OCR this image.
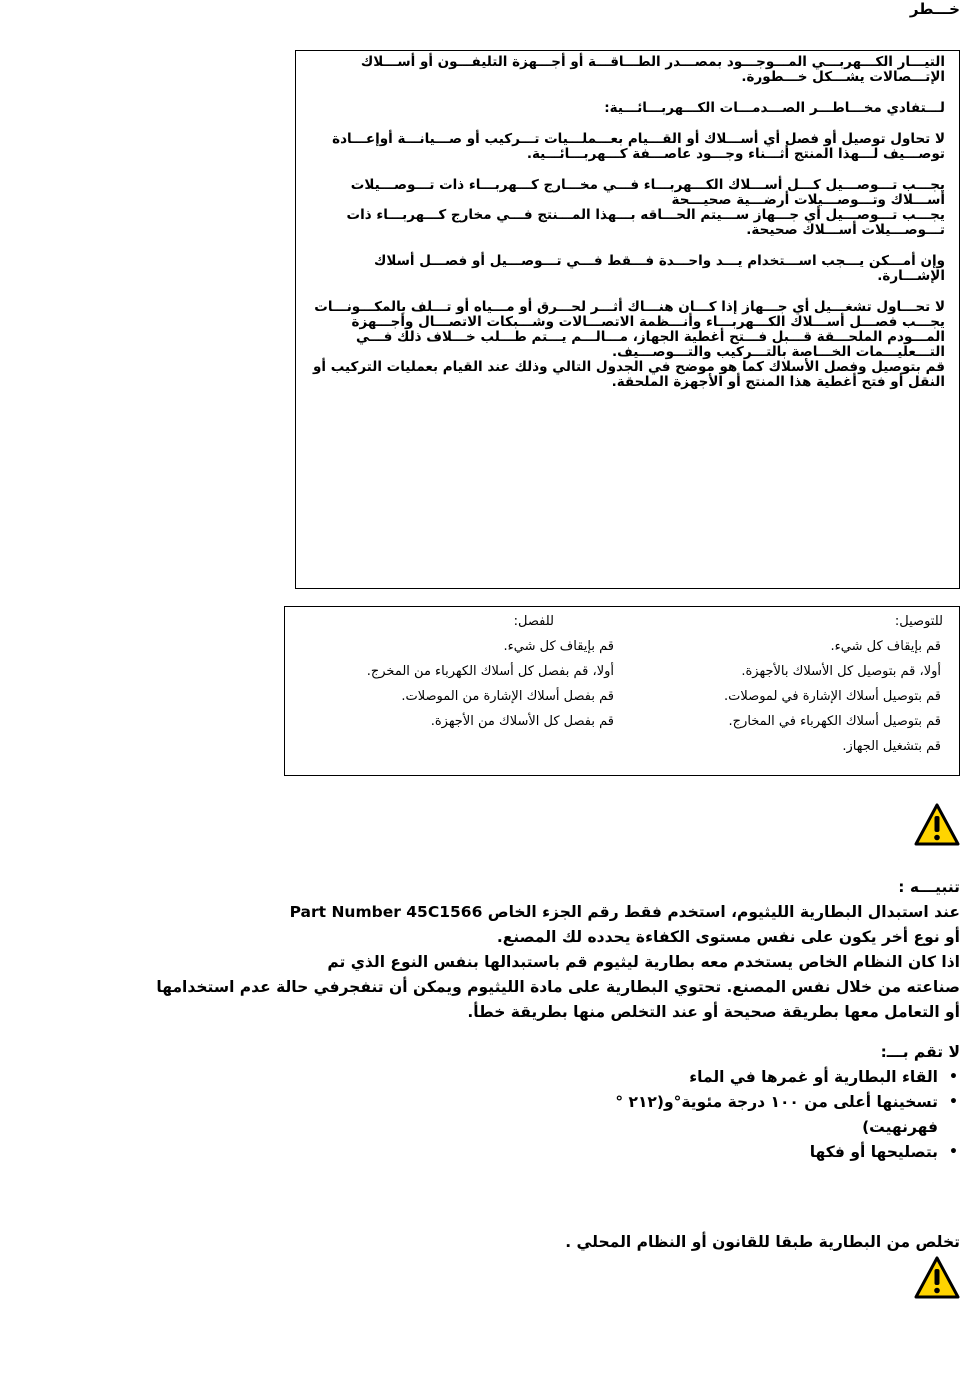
خـــطر

التيـــار الكـــهربـــي المـــوجـــود بمصـــدر الطـــاقـــة أو أجـــهزة التليفـــون أو أســـلاك الإتـــصالات يشـــكل خـــطورة.

لـــتفادي مخـــاطـــر الصـــدمـــات الكـــهربـــائـــية:

لا تحاول توصيل أو فصل أي أســـلاك أو القـــيام بعـــملـــيات تـــركيب أو صـــيانـــة أوإعـــادة توصـــيف لـــهذا المنتج أثـــناء وجـــود عاصـــفة كـــهربـــائـــية.

يجـــب تـــوصـــيل كـــل أســـلاك الكـــهربـــاء فـــي مخـــارج كـــهربـــاء ذات تـــوصـــيلات أســـلاك وتـــوصـــيلات أرضـــية صحيـــحة

يجـــب تـــوصـــيل أي جـــهاز ســـيتم الحـــاقه بـــهذا المـــنتج فـــي مخارج كـــهربـــاء ذات تـــوصـــيلات أســـلاك صحيحة.

وإن أمـــكن يـــجب اســـتخدام يـــد واحـــدة فـــقط فـــي تـــوصـــيل أو فصـــل أسلاك الإشـــارة.

لا تحـــاول تشغـــيل أي جـــهاز إذا كـــان هنـــاك أثـــر لحـــرق أو مـــياه أو تـــلف بالمكـــونـــات

يجـــب فصـــل أســـلاك الكـــهربـــاء وأنـــظمة الاتصـــالات وشـــبكات الاتصـــال وأجـــهزة المـــودم الملحـــقة قـــبل فـــتح أغطية الجهاز، مـــالـــم يـــتم طـــلب خـــلاف ذلك فـــي التـــعليـــمات الخـــاصة بالتـــركيب والتـــوصـــيف.

قم بتوصيل وفصل الأسلاك كما هو موضح في الجدول التالي وذلك عند القيام بعمليات التركيب أو النقل أو فتح أغطية هذا المنتج أو الأجهزة الملحقة.

للتوصيل:
قم بإيقاف كل شيء.
أولا، قم بتوصيل كل الأسلاك بالأجهزة.
قم بتوصيل أسلاك الإشارة في لموصلات.
قم بتوصيل أسلاك الكهرباء في المخارج.
قم بتشغيل الجهاز.
للفصل:
قم بإيقاف كل شيء.
أولا، قم بفصل كل أسلاك الكهرباء من المخرج.
قم بفصل أسلاك الإشارة من الموصلات.
قم بفصل كل الأسلاك من الأجهزة.

تنبيـــه :

عند استبدال البطارية الليثيوم، استخدم فقط رقم الجزء الخاص Part Number 45C1566

أو نوع أخر يكون على نفس مستوى الكفاءة يحدده لك المصنع.

اذا كان النظام الخاص يستخدم معه بطارية ليثيوم قم باستبدالها بنفس النوع الذي تم

صناعته من خلال نفس المصنع. تحتوي البطارية على مادة الليثيوم ويمكن أن تنفجرفي حالة عدم استخدامها

أو التعامل معها بطريقة صحيحة أو عند التخلص منها بطريقة خطأ.

لا تقم بـــ:

• القاء البطارية أو غمرها في الماء
• تسخينها أعلى من ١٠٠ درجة مئوية°و(٢١٢ ° فهرنهيت)
• بتصليحها أو فكها

تخلص من البطارية طبقا للقانون أو النظام المحلي .
